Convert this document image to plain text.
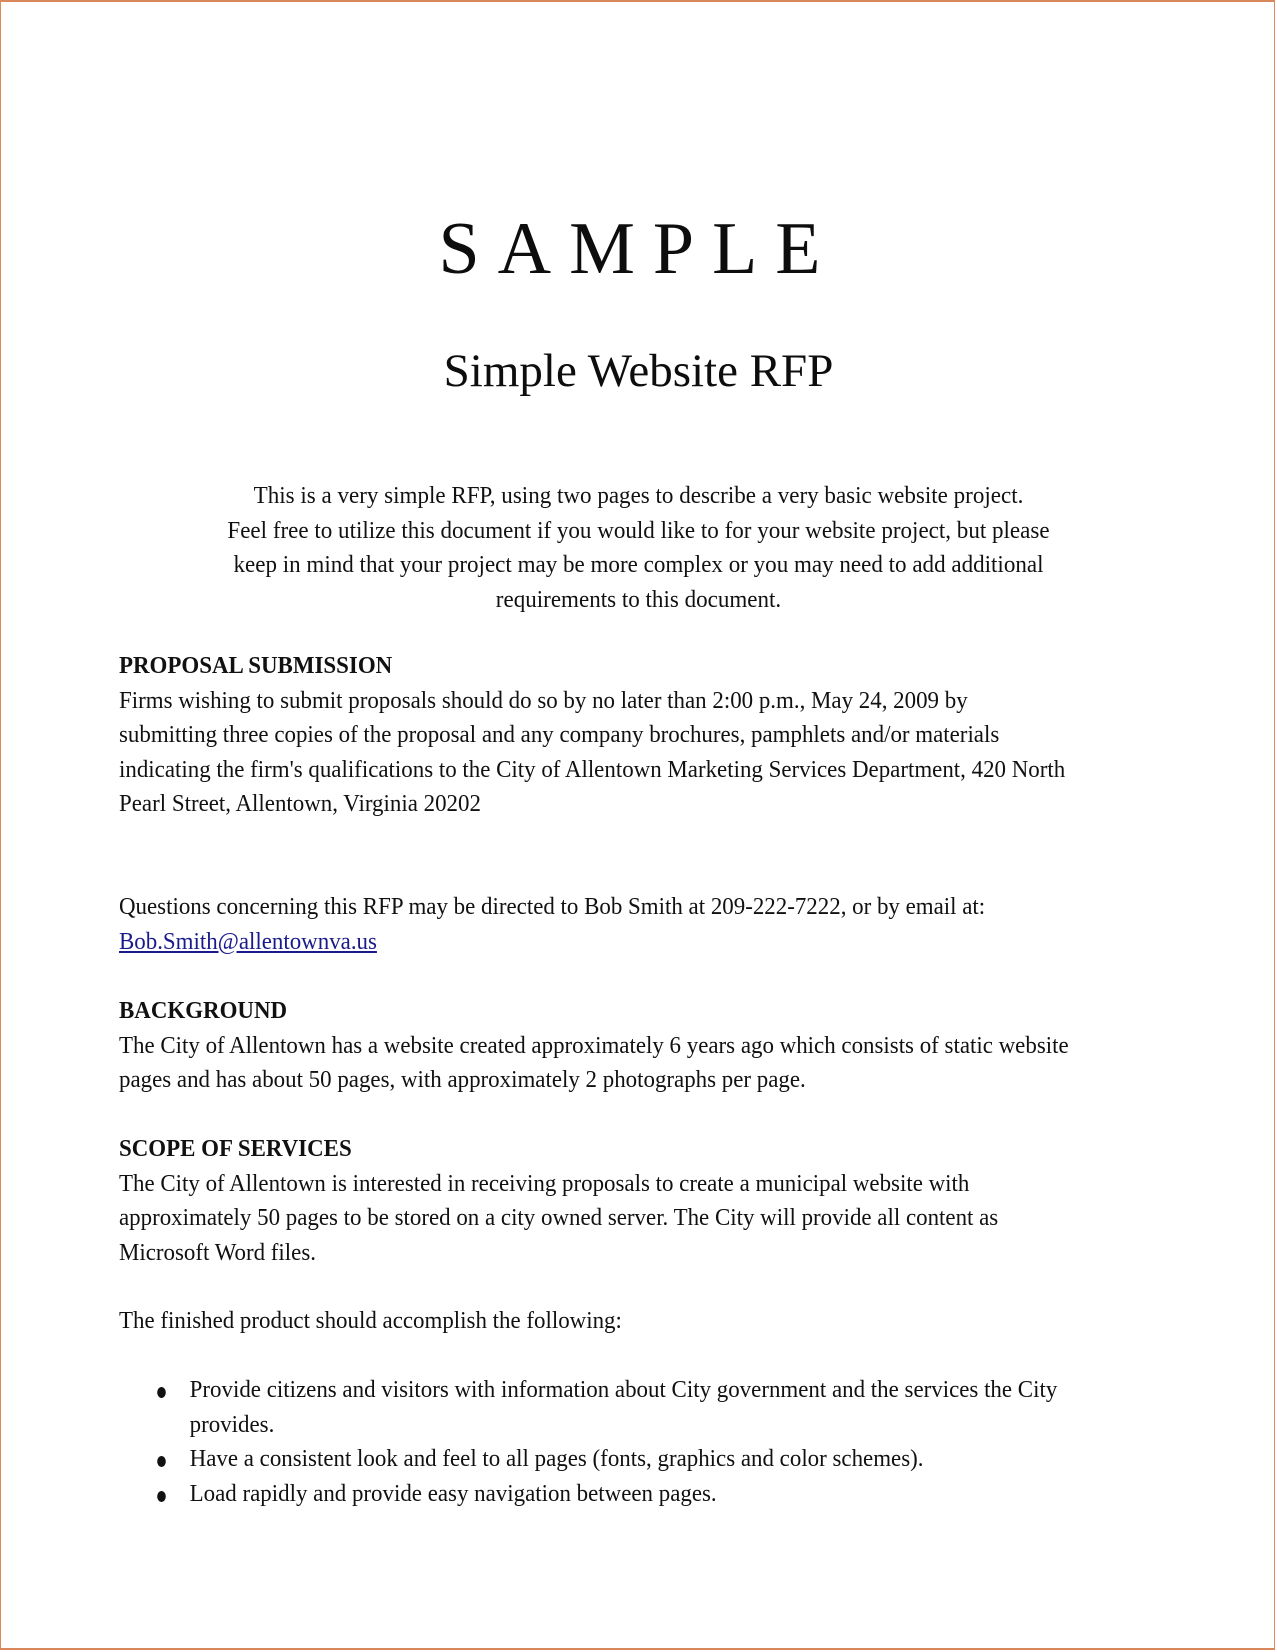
SAMPLE
Simple Website RFP
This is a very simple RFP, using two pages to describe a very basic website project.
Feel free to utilize this document if you would like to for your website project, but please
keep in mind that your project may be more complex or you may need to add additional
requirements to this document.
PROPOSAL SUBMISSION
Firms wishing to submit proposals should do so by no later than 2:00 p.m., May 24, 2009 by
submitting three copies of the proposal and any company brochures, pamphlets and/or materials
indicating the firm's qualifications to the City of Allentown Marketing Services Department, 420 North
Pearl Street, Allentown, Virginia 20202
Questions concerning this RFP may be directed to Bob Smith at 209-222-7222, or by email at:
Bob.Smith@allentownva.us
BACKGROUND
The City of Allentown has a website created approximately 6 years ago which consists of static website
pages and has about 50 pages, with approximately 2 photographs per page.
SCOPE OF SERVICES
The City of Allentown is interested in receiving proposals to create a municipal website with
approximately 50 pages to be stored on a city owned server. The City will provide all content as
Microsoft Word files.
The finished product should accomplish the following:
Provide citizens and visitors with information about City government and the services the City
provides.
Have a consistent look and feel to all pages (fonts, graphics and color schemes).
Load rapidly and provide easy navigation between pages.
